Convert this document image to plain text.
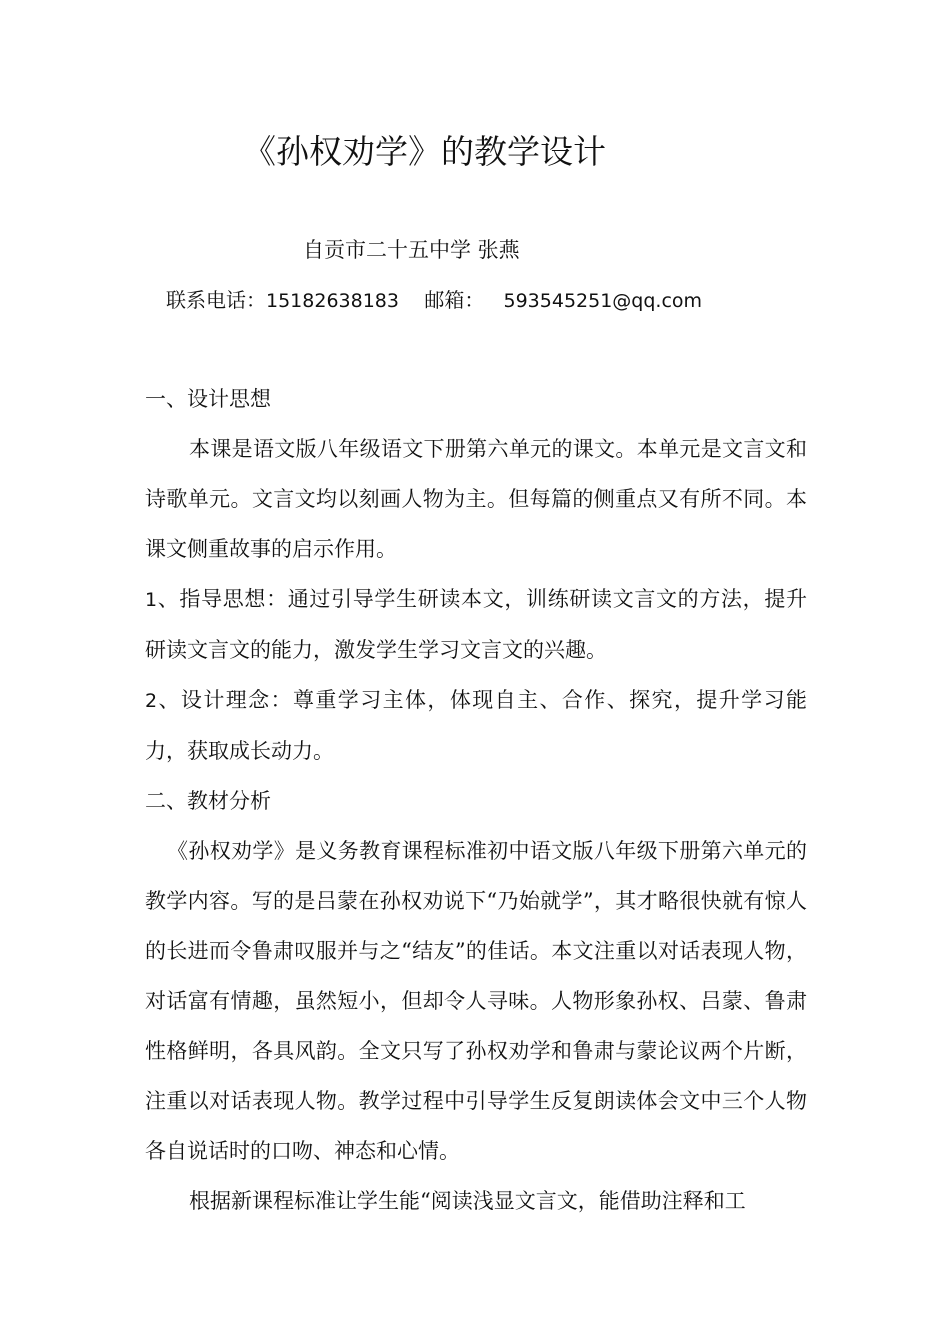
《孙权劝学》的教学设计
自贡市二十五中学 张燕
联系电话：15182638183 邮箱： 593545251@qq.com

一、设计思想

本课是语文版八年级语文下册第六单元的课文。本单元是文言文和诗歌单元。文言文均以刻画人物为主。但每篇的侧重点又有所不同。本课文侧重故事的启示作用。

1、指导思想：通过引导学生研读本文，训练研读文言文的方法，提升研读文言文的能力，激发学生学习文言文的兴趣。

2、设计理念：尊重学习主体，体现自主、合作、探究，提升学习能力，获取成长动力。

二、教材分析

《孙权劝学》是义务教育课程标准初中语文版八年级下册第六单元的教学内容。写的是吕蒙在孙权劝说下“乃始就学”，其才略很快就有惊人的长进而令鲁肃叹服并与之“结友”的佳话。本文注重以对话表现人物，对话富有情趣，虽然短小，但却令人寻味。人物形象孙权、吕蒙、鲁肃性格鲜明，各具风韵。全文只写了孙权劝学和鲁肃与蒙论议两个片断，注重以对话表现人物。教学过程中引导学生反复朗读体会文中三个人物各自说话时的口吻、神态和心情。

根据新课程标准让学生能“阅读浅显文言文，能借助注释和工
